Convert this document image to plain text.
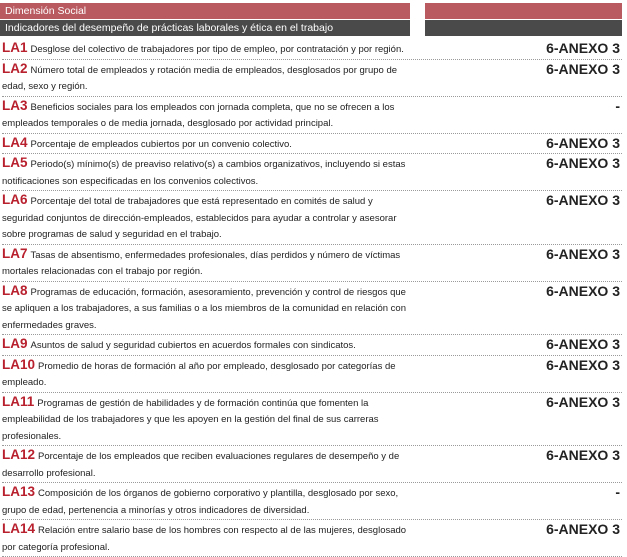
Dimensión Social
Indicadores del desempeño de prácticas laborales y ética en el trabajo
LA1 Desglose del colectivo de trabajadores por tipo de empleo, por contratación y por región.	6-ANEXO 3
LA2 Número total de empleados y rotación media de empleados, desglosados por grupo de edad, sexo y región.
6-ANEXO 3
LA3 Beneficios sociales para los empleados con jornada completa, que no se ofrecen a los empleados temporales o de media jornada, desglosado por actividad principal.
-
LA4 Porcentaje de empleados cubiertos por un convenio colectivo.	6-ANEXO 3
LA5 Periodo(s) mínimo(s) de preaviso relativo(s) a cambios organizativos, incluyendo si estas notificaciones son especificadas en los convenios colectivos.
6-ANEXO 3
LA6 Porcentaje del total de trabajadores que está representado en comités de salud y seguridad conjuntos de dirección-empleados, establecidos para ayudar a controlar y asesorar sobre programas de salud y seguridad en el trabajo.
6-ANEXO 3
LA7 Tasas de absentismo, enfermedades profesionales, días perdidos y número de víctimas mortales relacionadas con el trabajo por región.
6-ANEXO 3
LA8 Programas de educación, formación, asesoramiento, prevención y control de riesgos que se apliquen a los trabajadores, a sus familias o a los miembros de la comunidad en relación con enfermedades graves.
6-ANEXO 3
LA9 Asuntos de salud y seguridad cubiertos en acuerdos formales con sindicatos.	6-ANEXO 3
LA10 Promedio de horas de formación al año por empleado, desglosado por categorías de empleado.
6-ANEXO 3
LA11 Programas de gestión de habilidades y de formación continúa que fomenten la empleabilidad de los trabajadores y que les apoyen en la gestión del final de sus carreras profesionales.
6-ANEXO 3
LA12 Porcentaje de los empleados que reciben evaluaciones regulares de desempeño y de desarrollo profesional.
6-ANEXO 3
LA13 Composición de los órganos de gobierno corporativo y plantilla, desglosado por sexo, grupo de edad, pertenencia a minorías y otros indicadores de diversidad.
-
LA14 Relación entre salario base de los hombres con respecto al de las mujeres, desglosado por categoría profesional.
6-ANEXO 3
